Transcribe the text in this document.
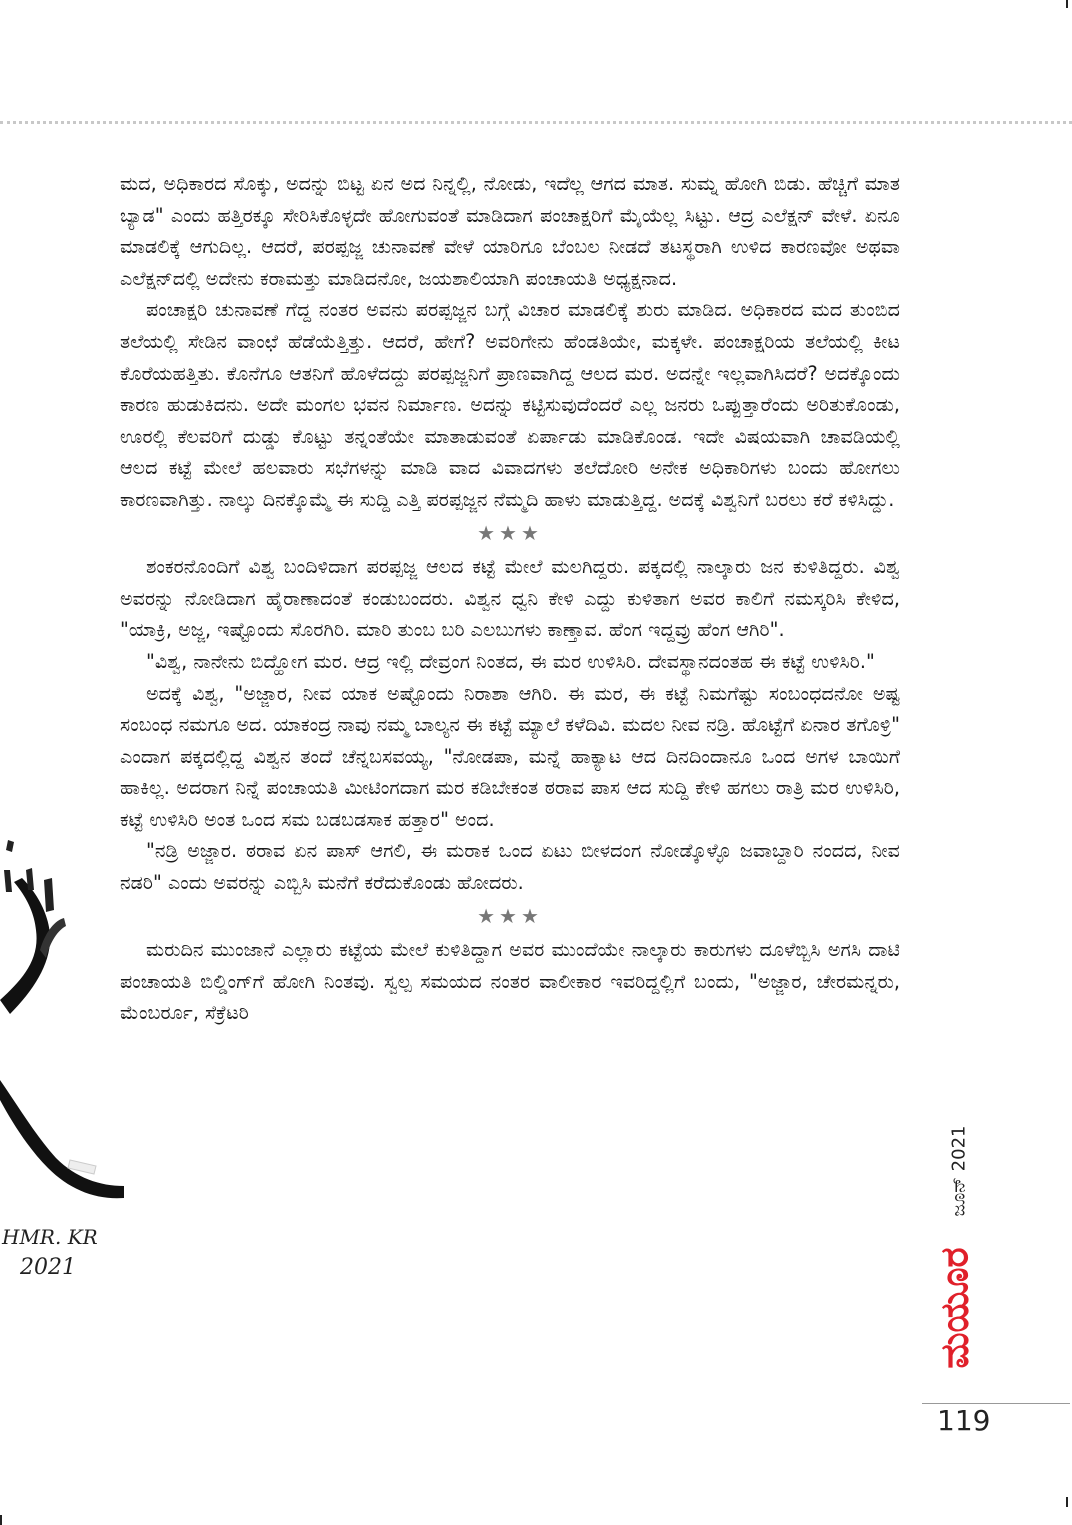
HMR. KR
2021

ಮದ, ಅಧಿಕಾರದ ಸೊಕ್ಕು, ಅದನ್ನು ಬಿಟ್ಟ ಏನ ಅದ ನಿನ್ನಲ್ಲಿ, ನೋಡು, ಇದೆಲ್ಲ ಆಗದ ಮಾತ. ಸುಮ್ನ ಹೋಗಿ ಬಿಡು. ಹೆಚ್ಚಿಗೆ ಮಾತ ಬ್ಯಾಡ" ಎಂದು ಹತ್ತಿರಕ್ಕೂ ಸೇರಿಸಿಕೊಳ್ಳದೇ ಹೋಗುವಂತೆ ಮಾಡಿದಾಗ ಪಂಚಾಕ್ಷರಿಗೆ ಮೈಯೆಲ್ಲ ಸಿಟ್ಟು. ಆದ್ರ ಎಲೆಕ್ಷನ್ ವೇಳೆ. ಏನೂ ಮಾಡಲಿಕ್ಕೆ ಆಗುದಿಲ್ಲ. ಆದರೆ, ಪರಪ್ಪಜ್ಜ ಚುನಾವಣೆ ವೇಳೆ ಯಾರಿಗೂ ಬೆಂಬಲ ನೀಡದೆ ತಟಸ್ಥರಾಗಿ ಉಳಿದ ಕಾರಣವೋ ಅಥವಾ ಎಲೆಕ್ಷನ್‌ದಲ್ಲಿ ಅದೇನು ಕರಾಮತ್ತು ಮಾಡಿದನೋ, ಜಯಶಾಲಿಯಾಗಿ ಪಂಚಾಯತಿ ಅಧ್ಯಕ್ಷನಾದ.

ಪಂಚಾಕ್ಷರಿ ಚುನಾವಣೆ ಗೆದ್ದ ನಂತರ ಅವನು ಪರಪ್ಪಜ್ಜನ ಬಗ್ಗೆ ವಿಚಾರ ಮಾಡಲಿಕ್ಕೆ ಶುರು ಮಾಡಿದ. ಅಧಿಕಾರದ ಮದ ತುಂಬಿದ ತಲೆಯಲ್ಲಿ ಸೇಡಿನ ವಾಂಛೆ ಹೆಡೆಯೆತ್ತಿತ್ತು. ಆದರೆ, ಹೇಗೆ? ಅವರಿಗೇನು ಹೆಂಡತಿಯೇ, ಮಕ್ಕಳೇ. ಪಂಚಾಕ್ಷರಿಯ ತಲೆಯಲ್ಲಿ ಕೀಟ ಕೊರೆಯಹತ್ತಿತು. ಕೊನೆಗೂ ಆತನಿಗೆ ಹೊಳೆದದ್ದು ಪರಪ್ಪಜ್ಜನಿಗೆ ಪ್ರಾಣವಾಗಿದ್ದ ಆಲದ ಮರ. ಅದನ್ನೇ ಇಲ್ಲವಾಗಿಸಿದರೆ? ಅದಕ್ಕೊಂದು ಕಾರಣ ಹುಡುಕಿದನು. ಅದೇ ಮಂಗಲ ಭವನ ನಿರ್ಮಾಣ. ಅದನ್ನು ಕಟ್ಟಿಸುವುದೆಂದರೆ ಎಲ್ಲ ಜನರು ಒಪ್ಪುತ್ತಾರೆಂದು ಅರಿತುಕೊಂಡು, ಊರಲ್ಲಿ ಕೆಲವರಿಗೆ ದುಡ್ಡು ಕೊಟ್ಟು ತನ್ನಂತೆಯೇ ಮಾತಾಡುವಂತೆ ಏರ್ಪಾಡು ಮಾಡಿಕೊಂಡ. ಇದೇ ವಿಷಯವಾಗಿ ಚಾವಡಿಯಲ್ಲಿ ಆಲದ ಕಟ್ಟೆ ಮೇಲೆ ಹಲವಾರು ಸಭೆಗಳನ್ನು ಮಾಡಿ ವಾದ ವಿವಾದಗಳು ತಲೆದೋರಿ ಅನೇಕ ಅಧಿಕಾರಿಗಳು ಬಂದು ಹೋಗಲು ಕಾರಣವಾಗಿತ್ತು. ನಾಲ್ಕು ದಿನಕ್ಕೊಮ್ಮೆ ಈ ಸುದ್ದಿ ಎತ್ತಿ ಪರಪ್ಪಜ್ಜನ ನೆಮ್ಮದಿ ಹಾಳು ಮಾಡುತ್ತಿದ್ದ. ಅದಕ್ಕೆ ವಿಶ್ವನಿಗೆ ಬರಲು ಕರೆ ಕಳಿಸಿದ್ದು.

★★★

ಶಂಕರನೊಂದಿಗೆ ವಿಶ್ವ ಬಂದಿಳಿದಾಗ ಪರಪ್ಪಜ್ಜ ಆಲದ ಕಟ್ಟೆ ಮೇಲೆ ಮಲಗಿದ್ದರು. ಪಕ್ಕದಲ್ಲಿ ನಾಲ್ಕಾರು ಜನ ಕುಳಿತಿದ್ದರು. ವಿಶ್ವ ಅವರನ್ನು ನೋಡಿದಾಗ ಹೈರಾಣಾದಂತೆ ಕಂಡುಬಂದರು. ವಿಶ್ವನ ಧ್ವನಿ ಕೇಳಿ ಎದ್ದು ಕುಳಿತಾಗ ಅವರ ಕಾಲಿಗೆ ನಮಸ್ಕರಿಸಿ ಕೇಳಿದ, "ಯಾಕ್ರಿ, ಅಜ್ಜ, ಇಷ್ಟೊಂದು ಸೊರಗಿರಿ. ಮಾರಿ ತುಂಬ ಬರಿ ಎಲಬುಗಳು ಕಾಣ್ತಾವ. ಹೆಂಗ ಇದ್ದವ್ರು ಹೆಂಗ ಆಗಿರಿ".

"ವಿಶ್ವ, ನಾನೇನು ಬಿದ್ಹೋಗ ಮರ. ಆದ್ರ ಇಲ್ಲಿ ದೇವ್ರಂಗ ನಿಂತದ, ಈ ಮರ ಉಳಿಸಿರಿ. ದೇವಸ್ಥಾನದಂತಹ ಈ ಕಟ್ಟೆ ಉಳಿಸಿರಿ."

ಅದಕ್ಕೆ ವಿಶ್ವ, "ಅಜ್ಜಾರ, ನೀವ ಯಾಕ ಅಷ್ಟೊಂದು ನಿರಾಶಾ ಆಗಿರಿ. ಈ ಮರ, ಈ ಕಟ್ಟೆ ನಿಮಗೆಷ್ಟು ಸಂಬಂಧದನೋ ಅಷ್ಟ ಸಂಬಂಧ ನಮಗೂ ಅದ. ಯಾಕಂದ್ರ ನಾವು ನಮ್ಮ ಬಾಲ್ಯನ ಈ ಕಟ್ಟೆ ಮ್ಯಾಲೆ ಕಳೆದಿವಿ. ಮದಲ ನೀವ ನಡ್ರಿ. ಹೊಟ್ಟೆಗೆ ಏನಾರ ತಗೊಳ್ರಿ" ಎಂದಾಗ ಪಕ್ಕದಲ್ಲಿದ್ದ ವಿಶ್ವನ ತಂದೆ ಚೆನ್ನಬಸವಯ್ಯ, "ನೋಡಪಾ, ಮನ್ನೆ ಹಾಕ್ಯಾಟ ಆದ ದಿನದಿಂದಾನೂ ಒಂದ ಅಗಳ ಬಾಯಿಗೆ ಹಾಕಿಲ್ಲ. ಅದರಾಗ ನಿನ್ನೆ ಪಂಚಾಯತಿ ಮೀಟಿಂಗದಾಗ ಮರ ಕಡಿಬೇಕಂತ ಠರಾವ ಪಾಸ ಆದ ಸುದ್ದಿ ಕೇಳಿ ಹಗಲು ರಾತ್ರಿ ಮರ ಉಳಿಸಿರಿ, ಕಟ್ಟೆ ಉಳಿಸಿರಿ ಅಂತ ಒಂದ ಸಮ ಬಡಬಡಸಾಕ ಹತ್ತಾರ" ಅಂದ.

"ನಡ್ರಿ ಅಜ್ಜಾರ. ಠರಾವ ಏನ ಪಾಸ್ ಆಗಲಿ, ಈ ಮರಾಕ ಒಂದ ಏಟು ಬೀಳದಂಗ ನೋಡ್ಕೊಳ್ಳೊ ಜವಾಬ್ದಾರಿ ನಂದದ, ನೀವ ನಡರಿ" ಎಂದು ಅವರನ್ನು ಎಬ್ಬಿಸಿ ಮನೆಗೆ ಕರೆದುಕೊಂಡು ಹೋದರು.

★★★

ಮರುದಿನ ಮುಂಜಾನೆ ಎಲ್ಲಾರು ಕಟ್ಟೆಯ ಮೇಲೆ ಕುಳಿತಿದ್ದಾಗ ಅವರ ಮುಂದೆಯೇ ನಾಲ್ಕಾರು ಕಾರುಗಳು ದೂಳೆಬ್ಬಿಸಿ ಅಗಸಿ ದಾಟಿ ಪಂಚಾಯತಿ ಬಿಲ್ಡಿಂಗ್‌ಗೆ ಹೋಗಿ ನಿಂತವು. ಸ್ವಲ್ಪ ಸಮಯದ ನಂತರ ವಾಲೀಕಾರ ಇವರಿದ್ದಲ್ಲಿಗೆ ಬಂದು, "ಅಜ್ಜಾರ, ಚೇರಮನ್ನರು, ಮೆಂಬರ್ರೂ, ಸೆಕ್ರೆಟರಿ

ಜೂನ್ 2021
ಮಯೂರ
119
